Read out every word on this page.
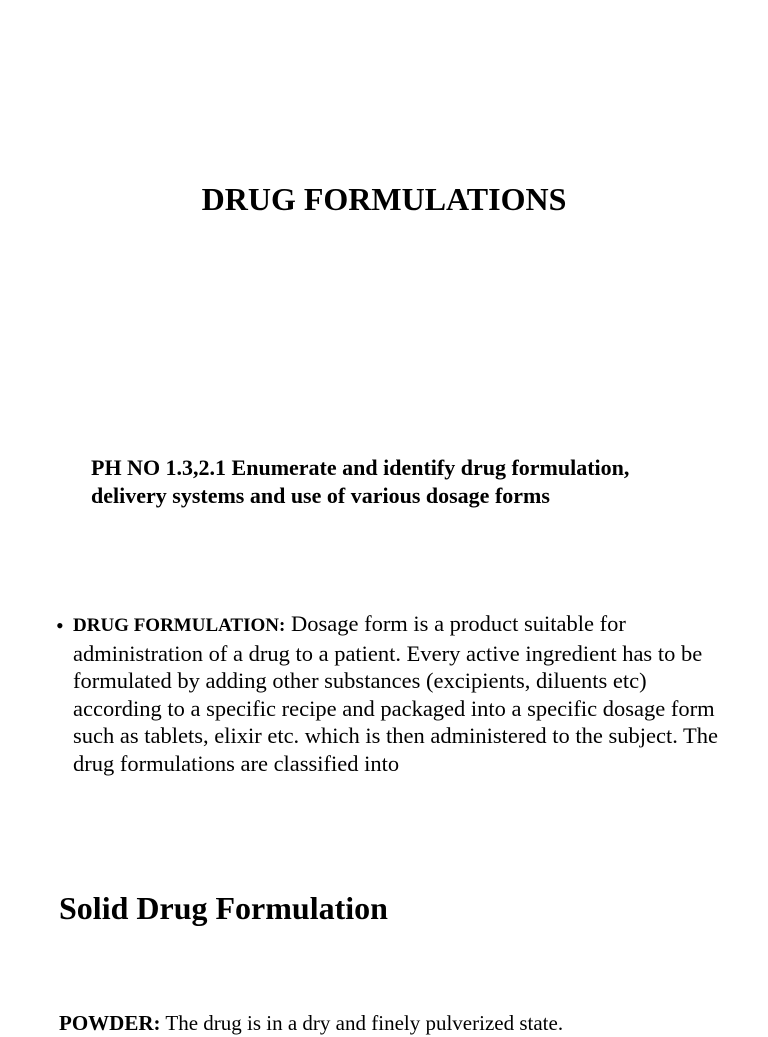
DRUG FORMULATIONS

PH NO 1.3,2.1 Enumerate and identify drug formulation, delivery systems and use of various dosage forms

• DRUG FORMULATION: Dosage form is a product suitable for administration of a drug to a patient. Every active ingredient has to be formulated by adding other substances (excipients, diluents etc) according to a specific recipe and packaged into a specific dosage form such as tablets, elixir etc. which is then administered to the subject. The drug formulations are classified into

Solid Drug Formulation

POWDER: The drug is in a dry and finely pulverized state.
